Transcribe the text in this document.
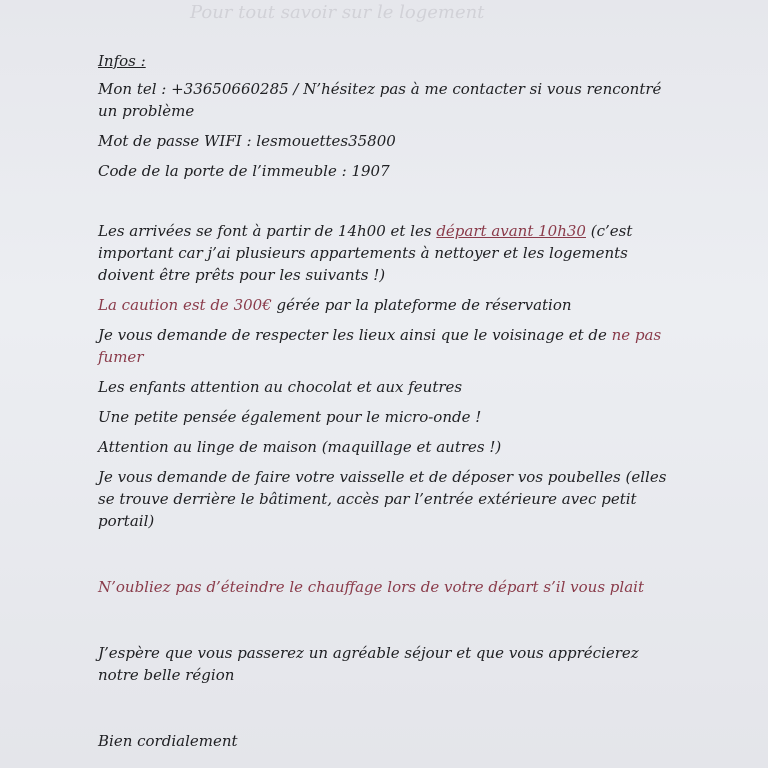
Pour tout savoir sur le logement

Infos :

Mon tel : +33650660285 / N’hésitez pas à me contacter si vous rencontré

un problème

Mot de passe WIFI : lesmouettes35800

Code de la porte de l’immeuble : 1907

Les arrivées se font à partir de 14h00 et les départ avant 10h30 (c’est

important car j’ai plusieurs appartements à nettoyer et les logements

doivent être prêts pour les suivants !)

La caution est de 300€ gérée par la plateforme de réservation

Je vous demande de respecter les lieux ainsi que le voisinage et de ne pas

fumer

Les enfants attention au chocolat et aux feutres

Une petite pensée également pour le micro-onde !

Attention au linge de maison (maquillage et autres !)

Je vous demande de faire votre vaisselle et de déposer vos poubelles (elles

se trouve derrière le bâtiment, accès par l’entrée extérieure avec petit

portail)

N’oubliez pas d’éteindre le chauffage lors de votre départ s’il vous plait

J’espère que vous passerez un agréable séjour et que vous apprécierez

notre belle région

Bien cordialement
